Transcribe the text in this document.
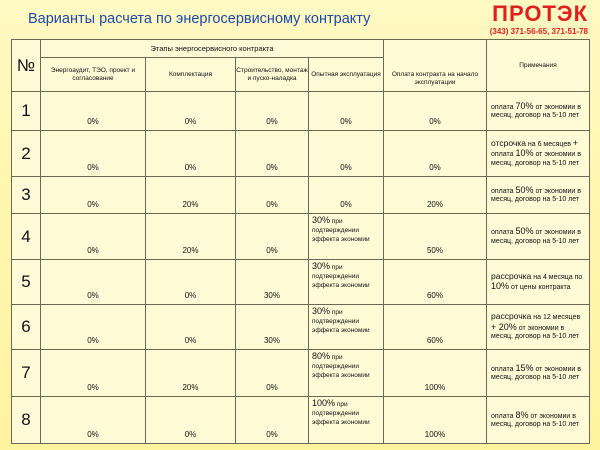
Варианты расчета по энергосервисному контракту	ПРОТЭК
(343) 371-56-65, 371-51-78
№	Этапы энергосервисного контракта				Оплата контракта на начало эксплуатации	Примечания
	Энергоаудит, ТЭО, проект и согласование	Комплектация	Строительство, монтаж и пуско-наладка	Опытная эксплуатация		
1	0%	0%	0%	0%	0%	оплата 70% от экономии в месяц, договор на 5-10 лет
2	0%	0%	0%	0%	0%	отсрочка на 6 месяцев + оплата 10% от экономии в месяц, договор на 5-10 лет
3	0%	20%	0%	0%	20%	оплата 50% от экономии в месяц, договор на 5-10 лет
4	0%	20%	0%	30% при подтверждении эффекта экономии	50%	оплата 50% от экономии в месяц, договор на 5-10 лет
5	0%	0%	30%	30% при подтверждении эффекта экономии	60%	рассрочка на 4 месяца по 10% от цены контракта
6	0%	0%	30%	30% при подтверждении эффекта экономии	60%	рассрочка на 12 месяцев + 20% от экономии в месяц, договор на 5-10 лет
7	0%	20%	0%	80% при подтверждении эффекта экономии	100%	оплата 15% от экономии в месяц, договор на 5-10 лет
8	0%	0%	0%	100% при подтверждении эффекта экономии	100%	оплата 8% от экономии в месяц, договор на 5-10 лет
